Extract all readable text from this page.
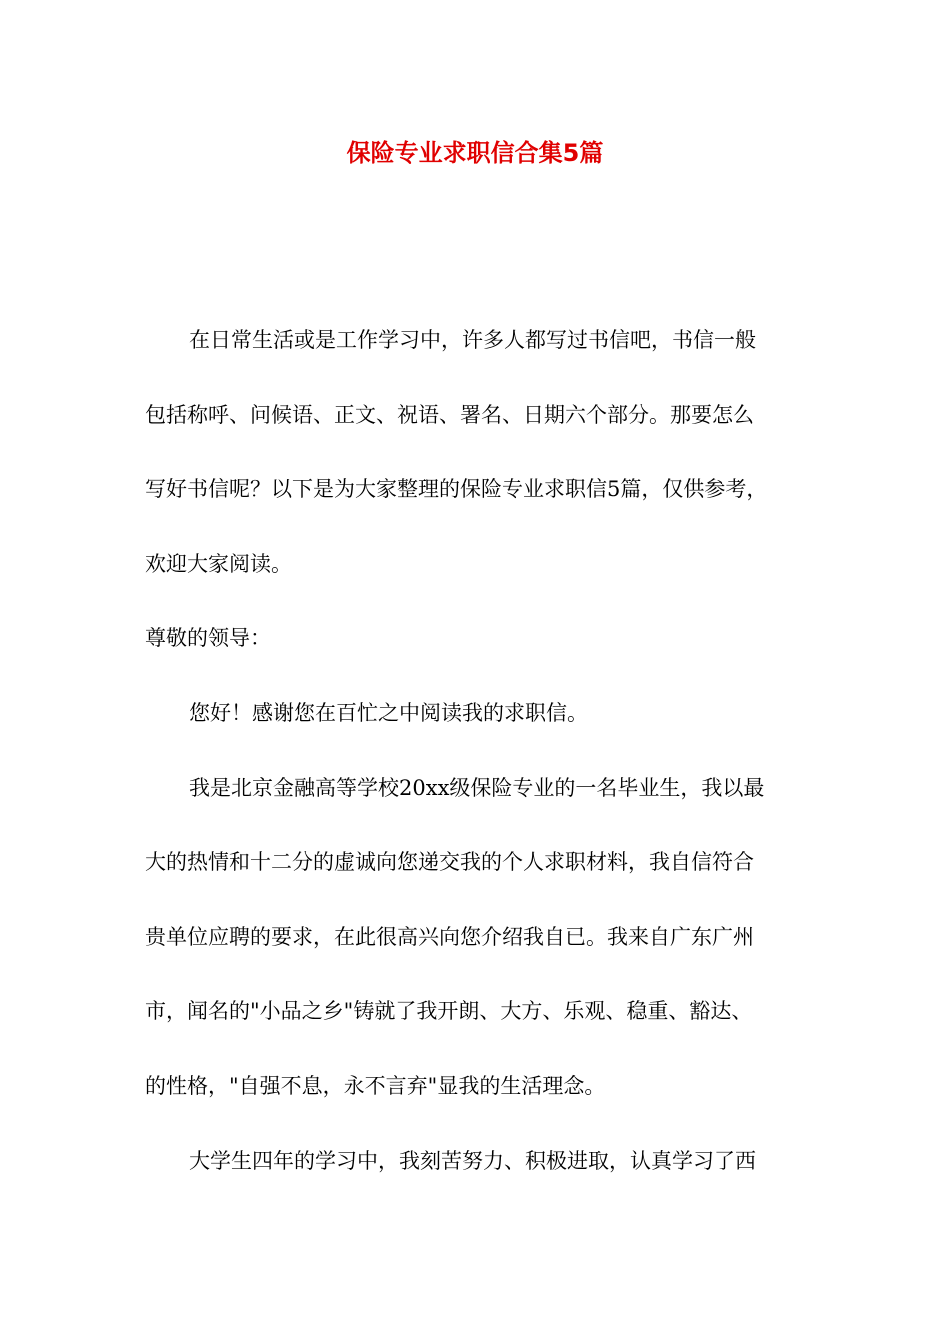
保险专业求职信合集5篇

在日常生活或是工作学习中，许多人都写过书信吧，书信一般

包括称呼、问候语、正文、祝语、署名、日期六个部分。那要怎么

写好书信呢？以下是为大家整理的保险专业求职信5篇，仅供参考，

欢迎大家阅读。

尊敬的领导：

您好！感谢您在百忙之中阅读我的求职信。

我是北京金融高等学校20xx级保险专业的一名毕业生，我以最

大的热情和十二分的虚诚向您递交我的个人求职材料，我自信符合

贵单位应聘的要求，在此很高兴向您介绍我自已。我来自广东广州

市，闻名的"小品之乡"铸就了我开朗、大方、乐观、稳重、豁达、

的性格，"自强不息，永不言弃"显我的生活理念。

大学生四年的学习中，我刻苦努力、积极进取，认真学习了西
